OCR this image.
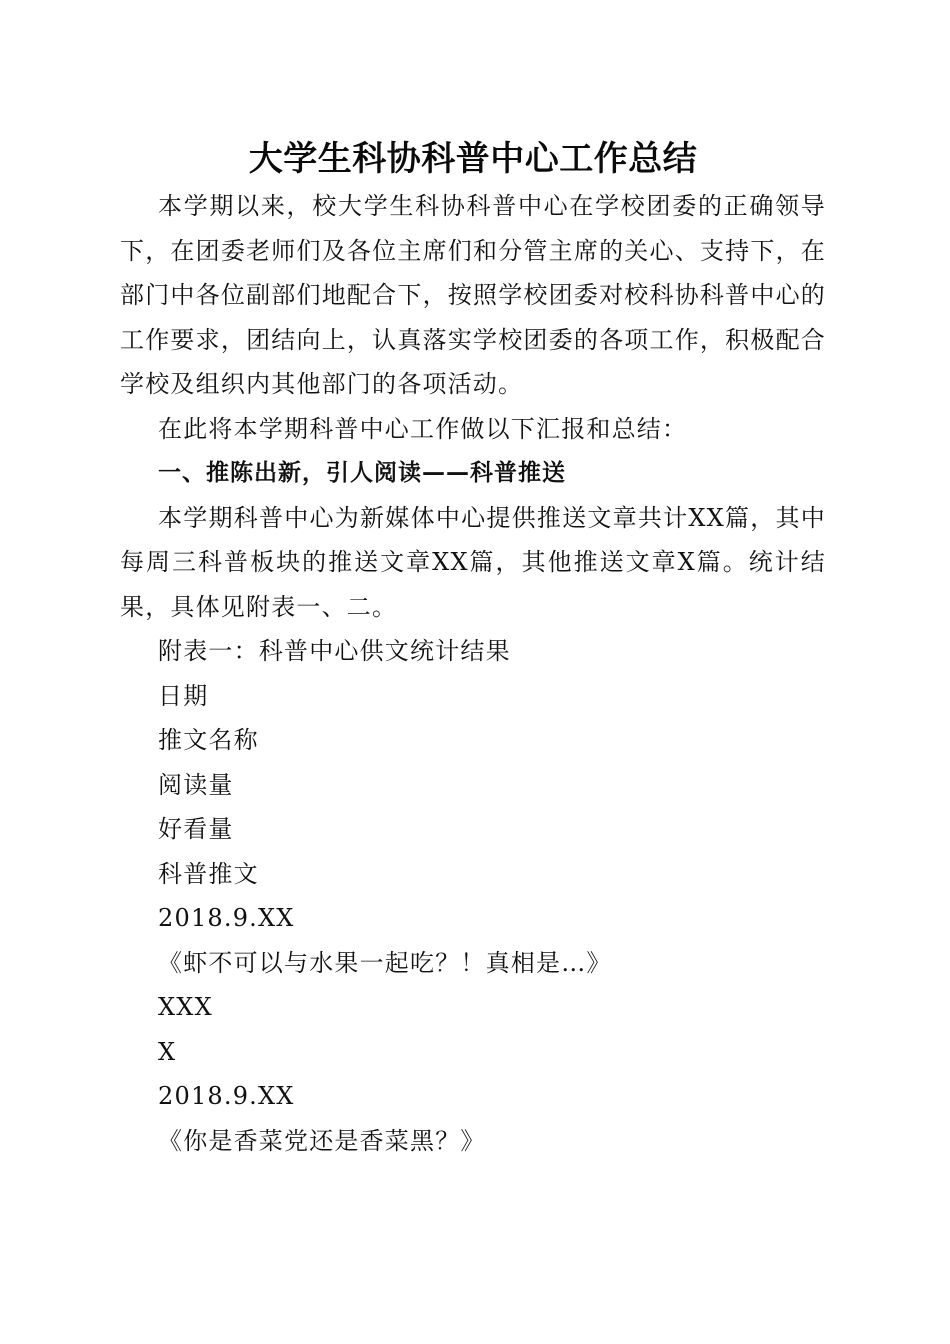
大学生科协科普中心工作总结

本学期以来，校大学生科协科普中心在学校团委的正确领导下，在团委老师们及各位主席们和分管主席的关心、支持下，在部门中各位副部们地配合下，按照学校团委对校科协科普中心的工作要求，团结向上，认真落实学校团委的各项工作，积极配合学校及组织内其他部门的各项活动。

在此将本学期科普中心工作做以下汇报和总结：

一、推陈出新，引人阅读——科普推送

本学期科普中心为新媒体中心提供推送文章共计XX篇，其中每周三科普板块的推送文章XX篇，其他推送文章X篇。统计结果，具体见附表一、二。

附表一：科普中心供文统计结果

日期

推文名称

阅读量

好看量

科普推文

2018.9.XX

《虾不可以与水果一起吃？！真相是…》

XXX

X

2018.9.XX

《你是香菜党还是香菜黑？》
